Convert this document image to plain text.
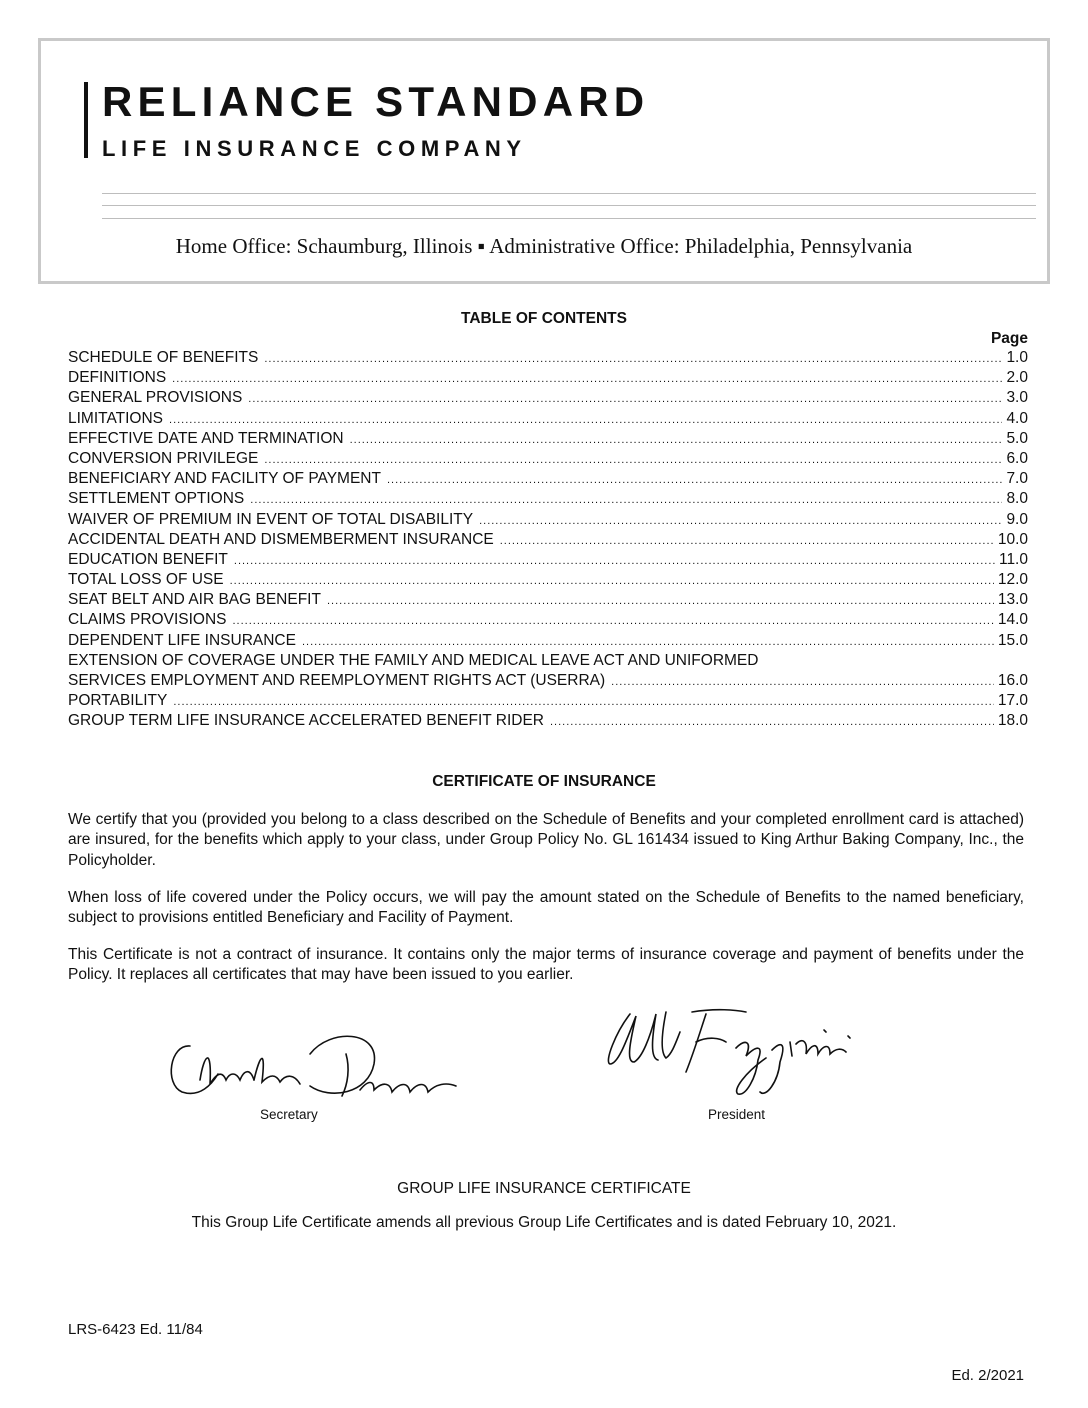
RELIANCE STANDARD
LIFE INSURANCE COMPANY
Home Office: Schaumburg, Illinois ▪ Administrative Office: Philadelphia, Pennsylvania
TABLE OF CONTENTS
Page
SCHEDULE OF BENEFITS .....	1.0
DEFINITIONS .....	2.0
GENERAL PROVISIONS .....	3.0
LIMITATIONS .....	4.0
EFFECTIVE DATE AND TERMINATION .....	5.0
CONVERSION PRIVILEGE .....	6.0
BENEFICIARY AND FACILITY OF PAYMENT .....	7.0
SETTLEMENT OPTIONS .....	8.0
WAIVER OF PREMIUM IN EVENT OF TOTAL DISABILITY .....	9.0
ACCIDENTAL DEATH AND DISMEMBERMENT INSURANCE .....	10.0
EDUCATION BENEFIT .....	11.0
TOTAL LOSS OF USE .....	12.0
SEAT BELT AND AIR BAG BENEFIT .....	13.0
CLAIMS PROVISIONS .....	14.0
DEPENDENT LIFE INSURANCE .....	15.0
EXTENSION OF COVERAGE UNDER THE FAMILY AND MEDICAL LEAVE ACT AND UNIFORMED
SERVICES EMPLOYMENT AND REEMPLOYMENT RIGHTS ACT (USERRA) .....	16.0
PORTABILITY .....	17.0
GROUP TERM LIFE INSURANCE ACCELERATED BENEFIT RIDER .....	18.0
CERTIFICATE OF INSURANCE

We certify that you (provided you belong to a class described on the Schedule of Benefits and your completed enrollment card is attached) are insured, for the benefits which apply to your class, under Group Policy No. GL 161434 issued to King Arthur Baking Company, Inc., the Policyholder.

When loss of life covered under the Policy occurs, we will pay the amount stated on the Schedule of Benefits to the named beneficiary, subject to provisions entitled Beneficiary and Facility of Payment.

This Certificate is not a contract of insurance. It contains only the major terms of insurance coverage and payment of benefits under the Policy. It replaces all certificates that may have been issued to you earlier.

Secretary	President
GROUP LIFE INSURANCE CERTIFICATE
This Group Life Certificate amends all previous Group Life Certificates and is dated February 10, 2021.
LRS-6423 Ed. 11/84
Ed. 2/2021
